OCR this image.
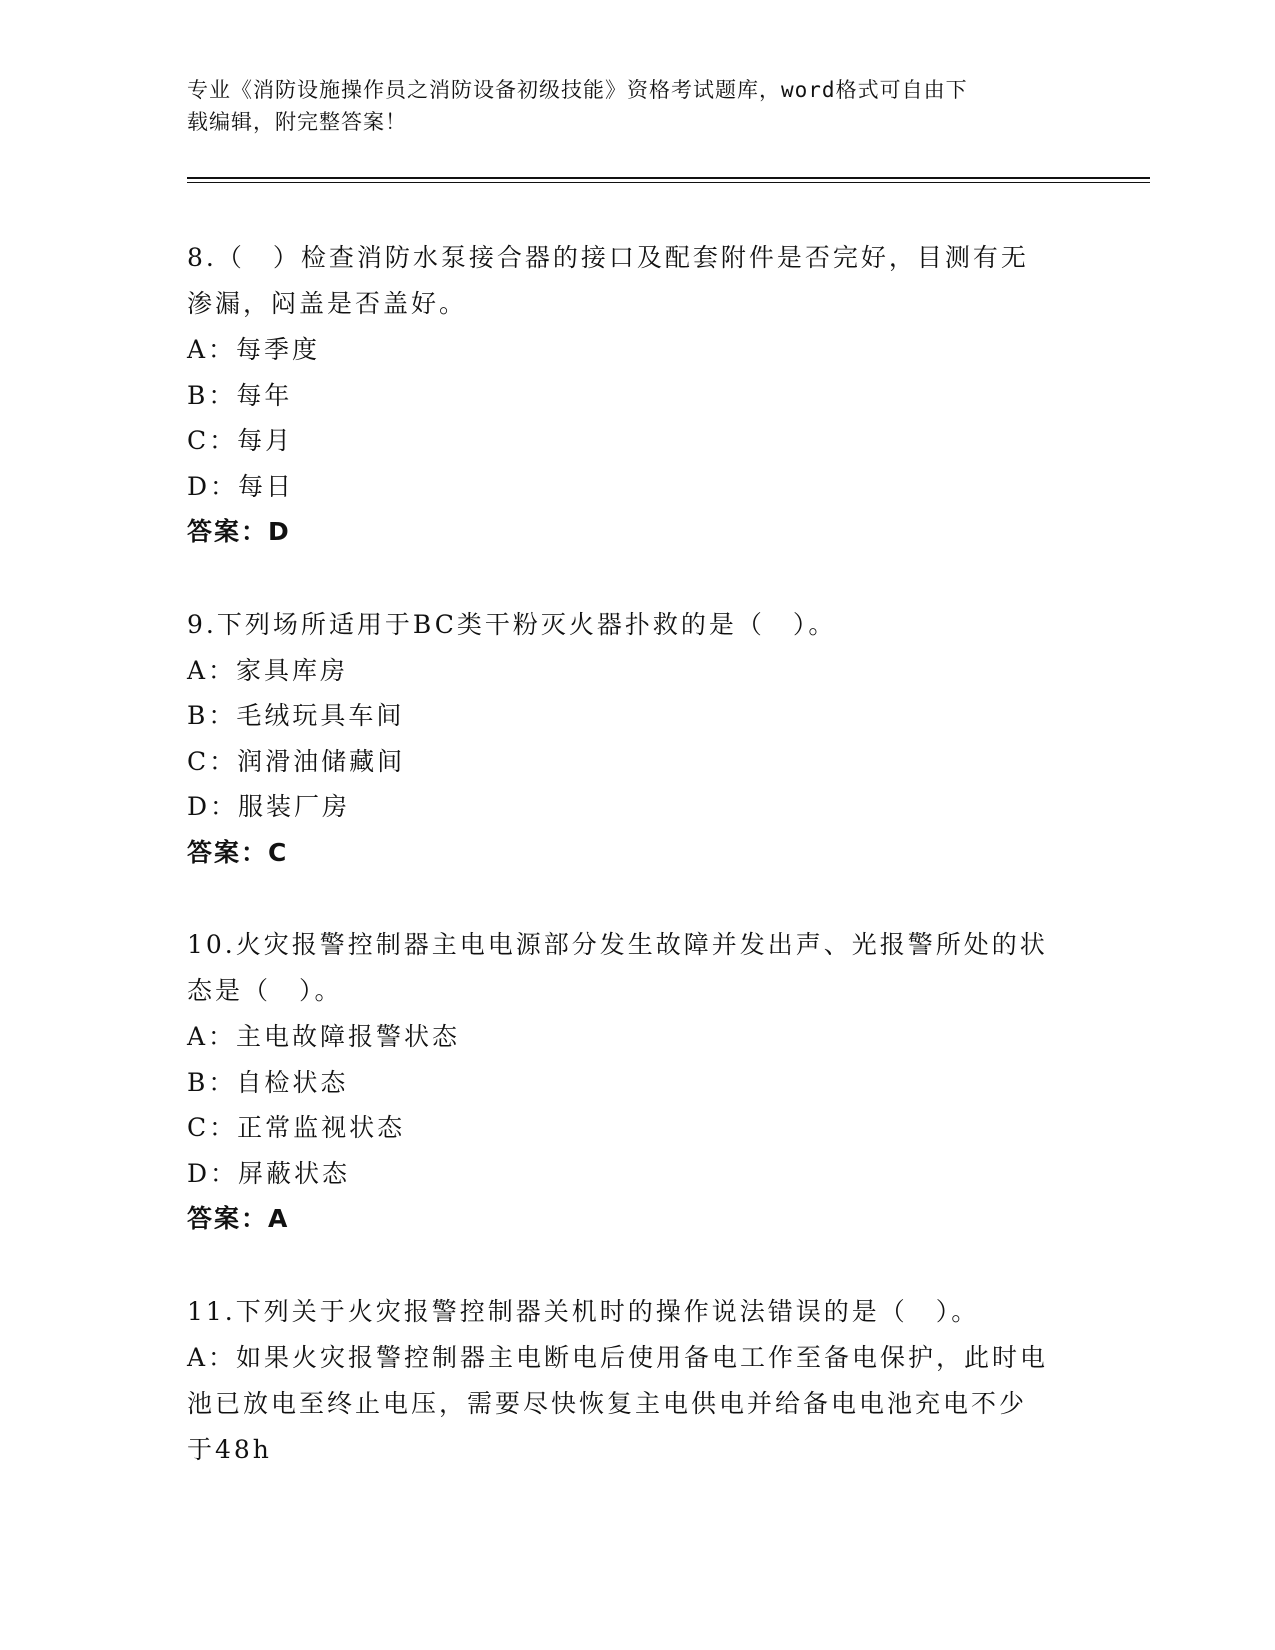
专业《消防设施操作员之消防设备初级技能》资格考试题库，word格式可自由下
载编辑，附完整答案！
8.（　）检查消防水泵接合器的接口及配套附件是否完好，目测有无
渗漏，闷盖是否盖好。
A：每季度
B：每年
C：每月
D：每日
答案：D
9.下列场所适用于BC类干粉灭火器扑救的是（　）。
A：家具库房
B：毛绒玩具车间
C：润滑油储藏间
D：服装厂房
答案：C
10.火灾报警控制器主电电源部分发生故障并发出声、光报警所处的状
态是（　）。
A：主电故障报警状态
B：自检状态
C：正常监视状态
D：屏蔽状态
答案：A
11.下列关于火灾报警控制器关机时的操作说法错误的是（　）。
A：如果火灾报警控制器主电断电后使用备电工作至备电保护，此时电
池已放电至终止电压，需要尽快恢复主电供电并给备电电池充电不少
于48h
